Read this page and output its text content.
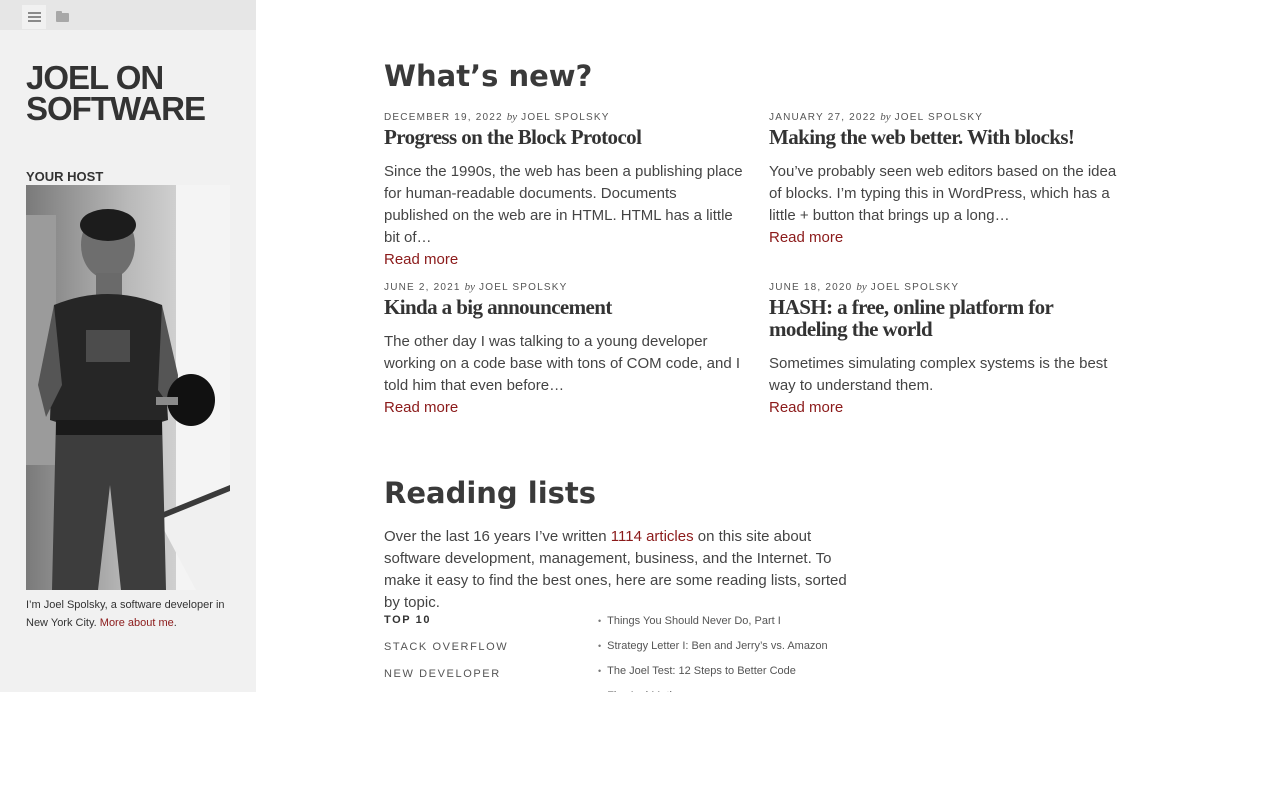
JOEL ON SOFTWARE
YOUR HOST
I’m Joel Spolsky, a software developer in New York City. More about me.
What’s new?
DECEMBER 19, 2022 by JOEL SPOLSKY
Progress on the Block Protocol
Since the 1990s, the web has been a publishing place for human-readable documents. Documents published on the web are in HTML. HTML has a little bit of…
Read more
JANUARY 27, 2022 by JOEL SPOLSKY
Making the web better. With blocks!
You’ve probably seen web editors based on the idea of blocks. I’m typing this in WordPress, which has a little + button that brings up a long…
Read more
JUNE 2, 2021 by JOEL SPOLSKY
Kinda a big announcement
The other day I was talking to a young developer working on a code base with tons of COM code, and I told him that even before…
Read more
JUNE 18, 2020 by JOEL SPOLSKY
HASH: a free, online platform for modeling the world
Sometimes simulating complex systems is the best way to understand them.
Read more
Reading lists
Over the last 16 years I’ve written 1114 articles on this site about software development, management, business, and the Internet. To make it easy to find the best ones, here are some reading lists, sorted by topic.
TOP 10
STACK OVERFLOW
NEW DEVELOPER
• Things You Should Never Do, Part I
• Strategy Letter I: Ben and Jerry’s vs. Amazon
• The Joel Test: 12 Steps to Better Code
•
